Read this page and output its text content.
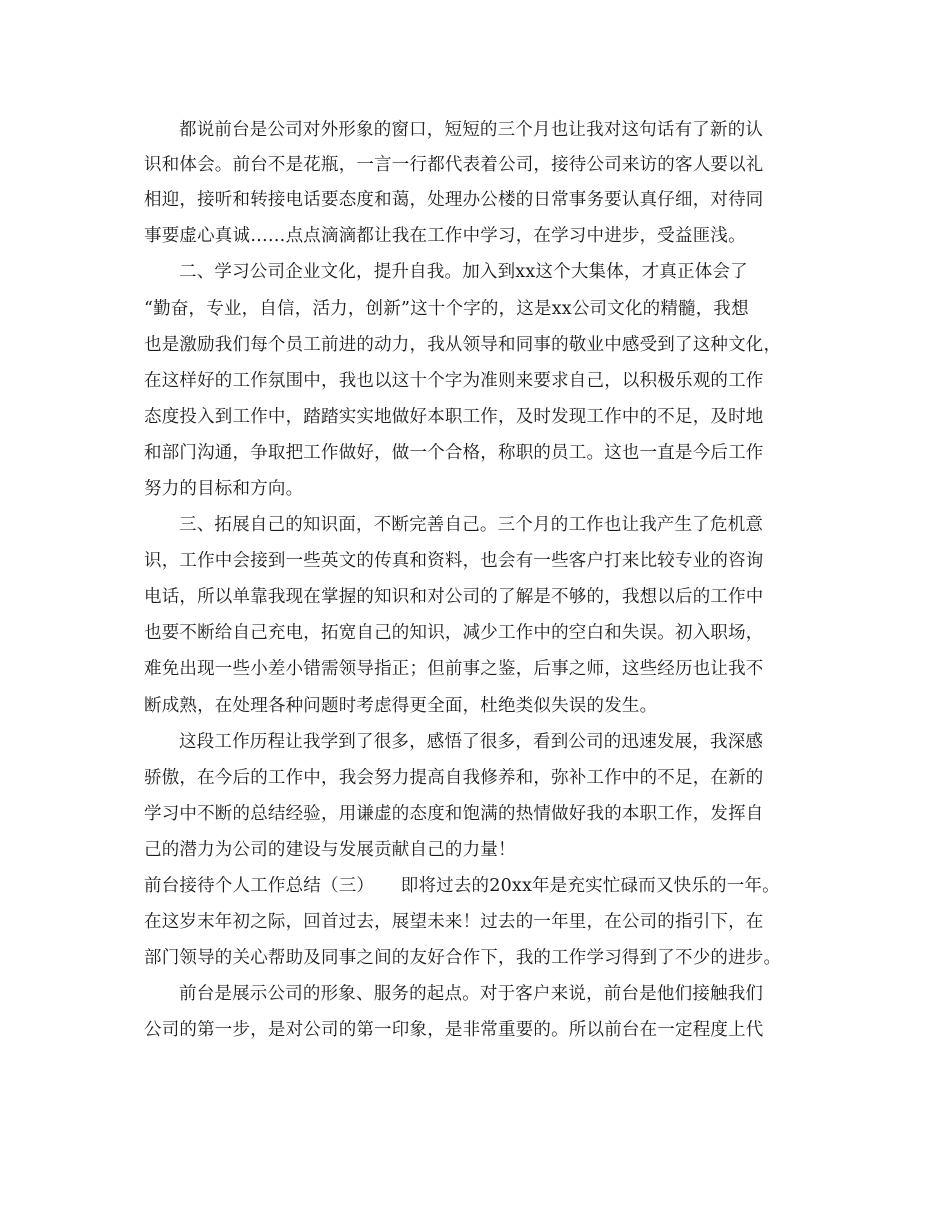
都说前台是公司对外形象的窗口，短短的三个月也让我对这句话有了新的认
识和体会。前台不是花瓶，一言一行都代表着公司，接待公司来访的客人要以礼
相迎，接听和转接电话要态度和蔼，处理办公楼的日常事务要认真仔细，对待同
事要虚心真诚……点点滴滴都让我在工作中学习，在学习中进步，受益匪浅。
二、学习公司企业文化，提升自我。加入到xx这个大集体，才真正体会了
“勤奋，专业，自信，活力，创新”这十个字的，这是xx公司文化的精髓，我想
也是激励我们每个员工前进的动力，我从领导和同事的敬业中感受到了这种文化，
在这样好的工作氛围中，我也以这十个字为准则来要求自己，以积极乐观的工作
态度投入到工作中，踏踏实实地做好本职工作，及时发现工作中的不足，及时地
和部门沟通，争取把工作做好，做一个合格，称职的员工。这也一直是今后工作
努力的目标和方向。
三、拓展自己的知识面，不断完善自己。三个月的工作也让我产生了危机意
识，工作中会接到一些英文的传真和资料，也会有一些客户打来比较专业的咨询
电话，所以单靠我现在掌握的知识和对公司的了解是不够的，我想以后的工作中
也要不断给自己充电，拓宽自己的知识，减少工作中的空白和失误。初入职场，
难免出现一些小差小错需领导指正；但前事之鉴，后事之师，这些经历也让我不
断成熟，在处理各种问题时考虑得更全面，杜绝类似失误的发生。
这段工作历程让我学到了很多，感悟了很多，看到公司的迅速发展，我深感
骄傲，在今后的工作中，我会努力提高自我修养和，弥补工作中的不足，在新的
学习中不断的总结经验，用谦虚的态度和饱满的热情做好我的本职工作，发挥自
己的潜力为公司的建设与发展贡献自己的力量！
前台接待个人工作总结（三）　　即将过去的20xx年是充实忙碌而又快乐的一年。
在这岁末年初之际，回首过去，展望未来！过去的一年里，在公司的指引下，在
部门领导的关心帮助及同事之间的友好合作下，我的工作学习得到了不少的进步。
前台是展示公司的形象、服务的起点。对于客户来说，前台是他们接触我们
公司的第一步，是对公司的第一印象，是非常重要的。所以前台在一定程度上代
